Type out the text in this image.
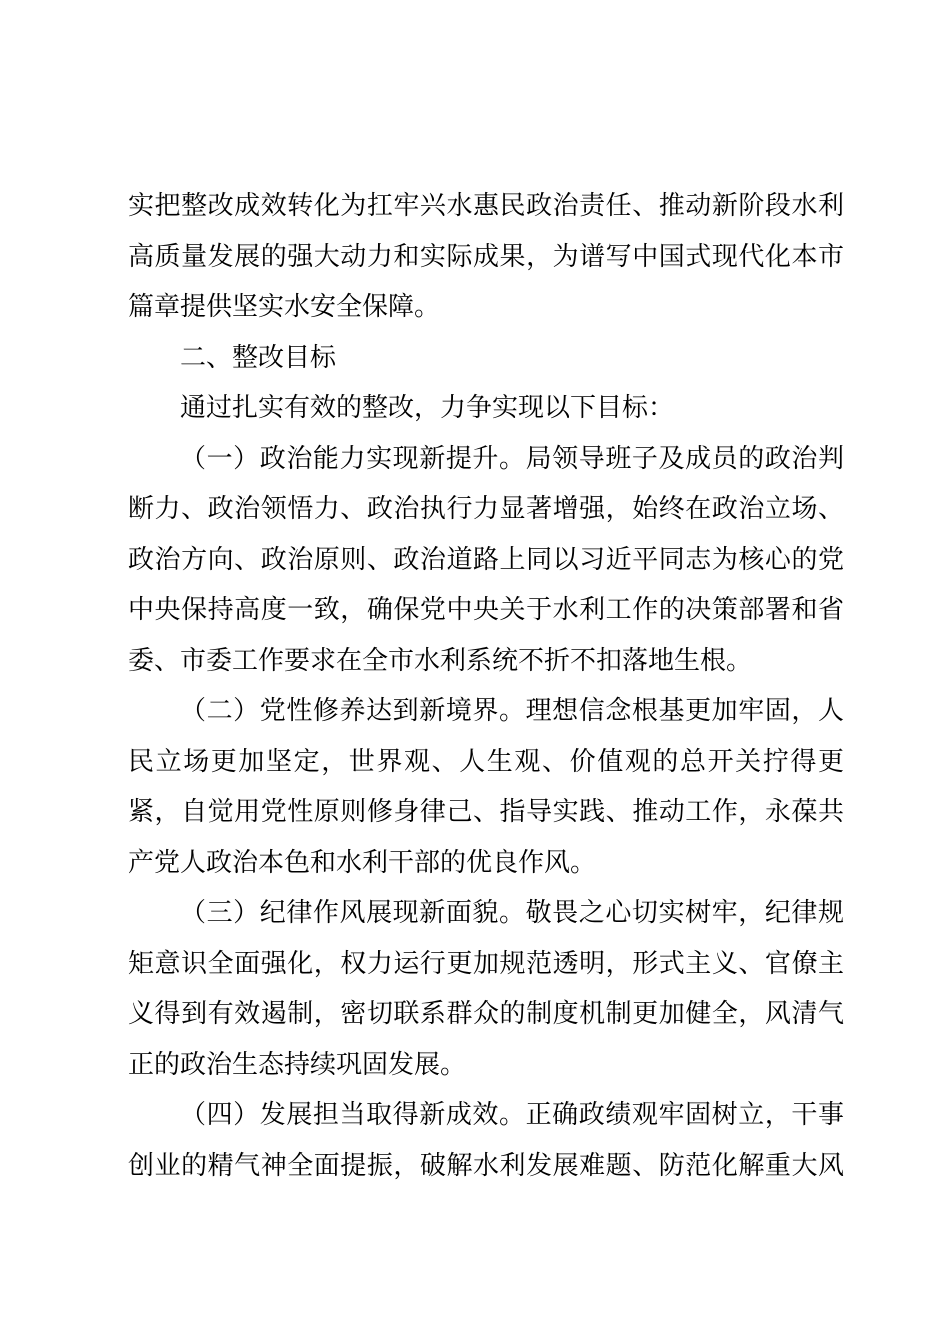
实把整改成效转化为扛牢兴水惠民政治责任、推动新阶段水利
高质量发展的强大动力和实际成果，为谱写中国式现代化本市
篇章提供坚实水安全保障。
二、整改目标
通过扎实有效的整改，力争实现以下目标：
（一）政治能力实现新提升。局领导班子及成员的政治判
断力、政治领悟力、政治执行力显著增强，始终在政治立场、
政治方向、政治原则、政治道路上同以习近平同志为核心的党
中央保持高度一致，确保党中央关于水利工作的决策部署和省
委、市委工作要求在全市水利系统不折不扣落地生根。
（二）党性修养达到新境界。理想信念根基更加牢固，人
民立场更加坚定，世界观、人生观、价值观的总开关拧得更
紧，自觉用党性原则修身律己、指导实践、推动工作，永葆共
产党人政治本色和水利干部的优良作风。
（三）纪律作风展现新面貌。敬畏之心切实树牢，纪律规
矩意识全面强化，权力运行更加规范透明，形式主义、官僚主
义得到有效遏制，密切联系群众的制度机制更加健全，风清气
正的政治生态持续巩固发展。
（四）发展担当取得新成效。正确政绩观牢固树立，干事
创业的精气神全面提振，破解水利发展难题、防范化解重大风
